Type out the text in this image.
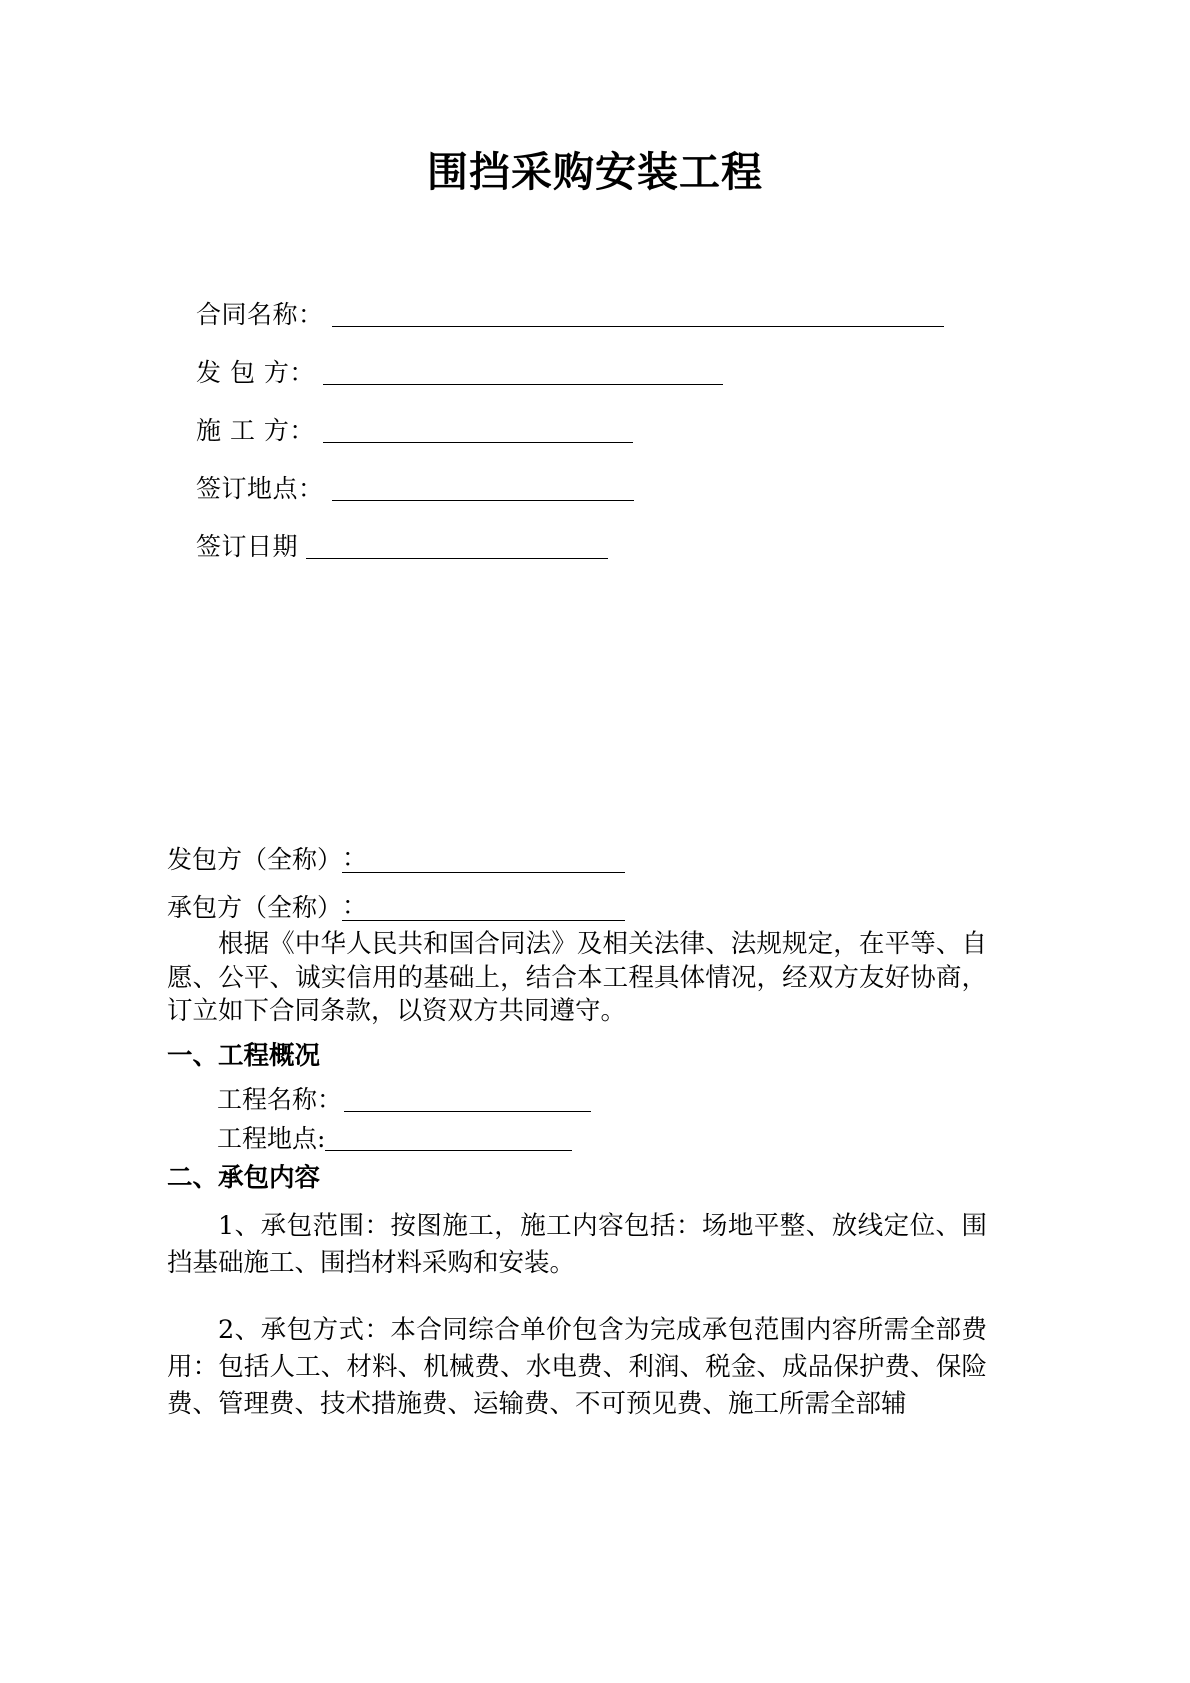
围挡采购安装工程
合同名称：
发 包 方：
施 工 方：
签订地点：
签订日期
发包方（全称） ：
承包方（全称） ：

根据《中华人民共和国合同法》及相关法律、法规规定，在平等、自愿、公平、诚实信用的基础上，结合本工程具体情况，经双方友好协商，订立如下合同条款，以资双方共同遵守。

一、工程概况
工程名称：
工程地点:
二、承包内容

1、承包范围：按图施工，施工内容包括：场地平整、放线定位、围挡基础施工、围挡材料采购和安装。

2、承包方式：本合同综合单价包含为完成承包范围内容所需全部费用：包括人工、材料、机械费、水电费、利润、税金、成品保护费、保险费、管理费、技术措施费、运输费、不可预见费、施工所需全部辅
